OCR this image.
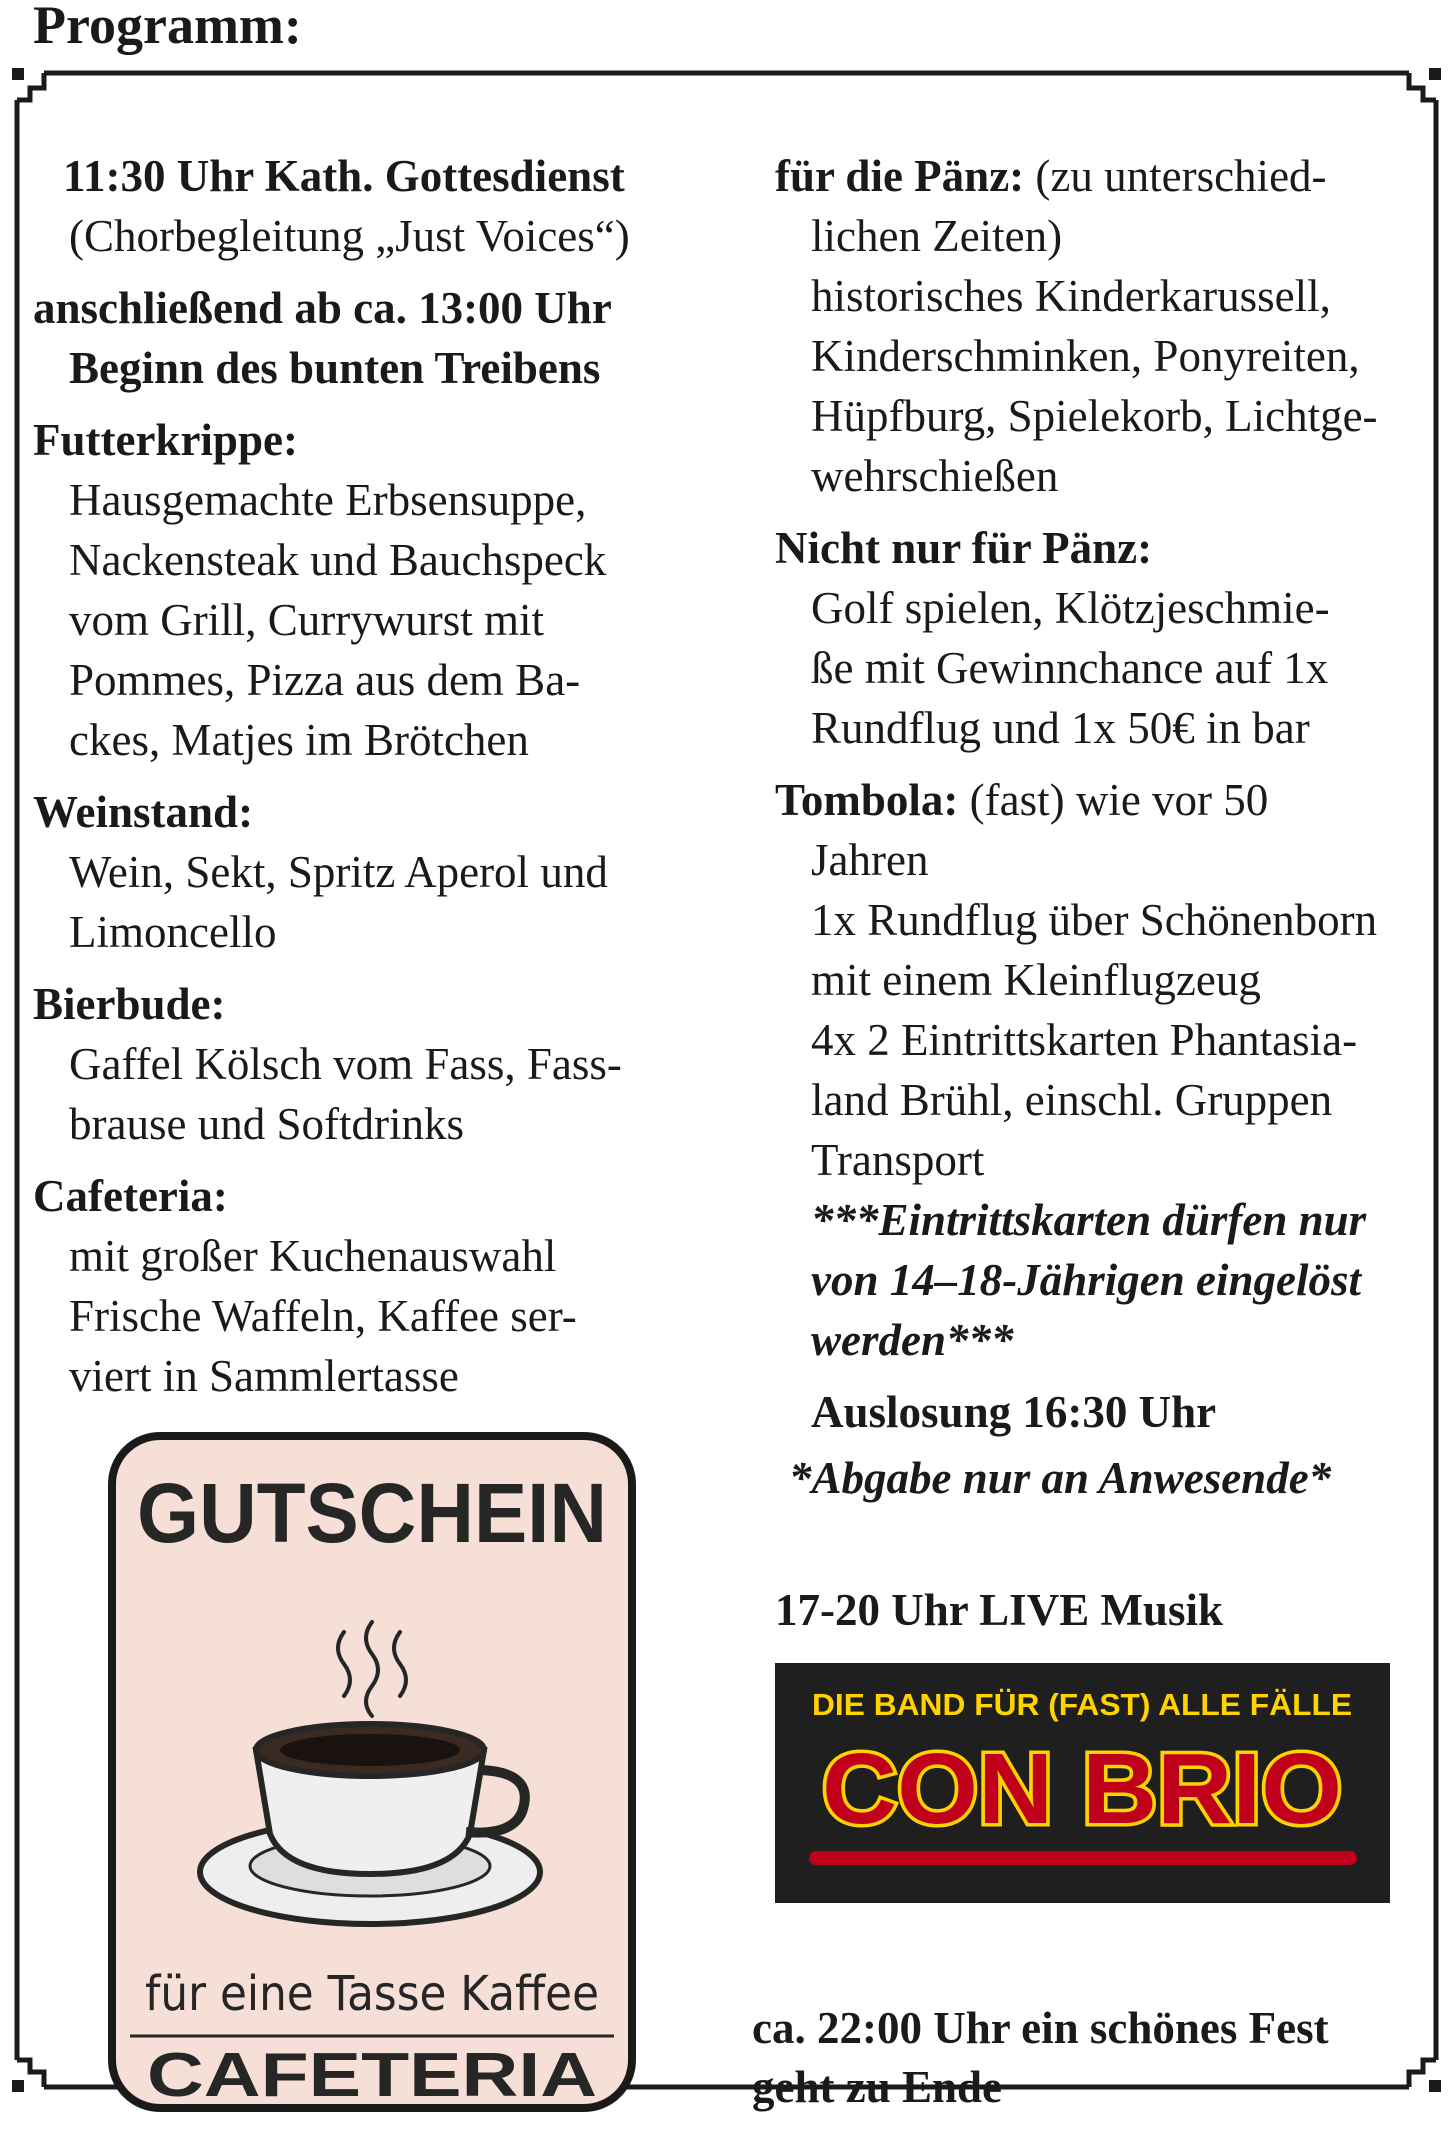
Programm:
11:30 Uhr Kath. Gottesdienst
(Chorbegleitung „Just Voices“)
anschließend ab ca. 13:00 Uhr
Beginn des bunten Treibens
Futterkrippe:
Hausgemachte Erbsensuppe,
Nackensteak und Bauchspeck
vom Grill, Currywurst mit
Pommes, Pizza aus dem Ba-
ckes, Matjes im Brötchen
Weinstand:
Wein, Sekt, Spritz Aperol und
Limoncello
Bierbude:
Gaffel Kölsch vom Fass, Fass-
brause und Softdrinks
Cafeteria:
mit großer Kuchenauswahl
Frische Waffeln, Kaffee ser-
viert in Sammlertasse
GUTSCHEIN
für eine Tasse Kaffee
CAFETERIA
für die Pänz: (zu unterschied-
lichen Zeiten)
historisches Kinderkarussell,
Kinderschminken, Ponyreiten,
Hüpfburg, Spielekorb, Lichtge-
wehrschießen
Nicht nur für Pänz:
Golf spielen, Klötzjeschmie-
ße mit Gewinnchance auf 1x
Rundflug und 1x 50€ in bar
Tombola: (fast) wie vor 50
Jahren
1x Rundflug über Schönenborn
mit einem Kleinflugzeug
4x 2 Eintrittskarten Phantasia-
land Brühl, einschl. Gruppen
Transport
***Eintrittskarten dürfen nur
von 14–18-Jährigen eingelöst
werden***
Auslosung 16:30 Uhr
*Abgabe nur an Anwesende*
17-20 Uhr LIVE Musik
DIE BAND FÜR (FAST) ALLE FÄLLE
CON BRIO
ca. 22:00 Uhr ein schönes Fest
geht zu Ende
